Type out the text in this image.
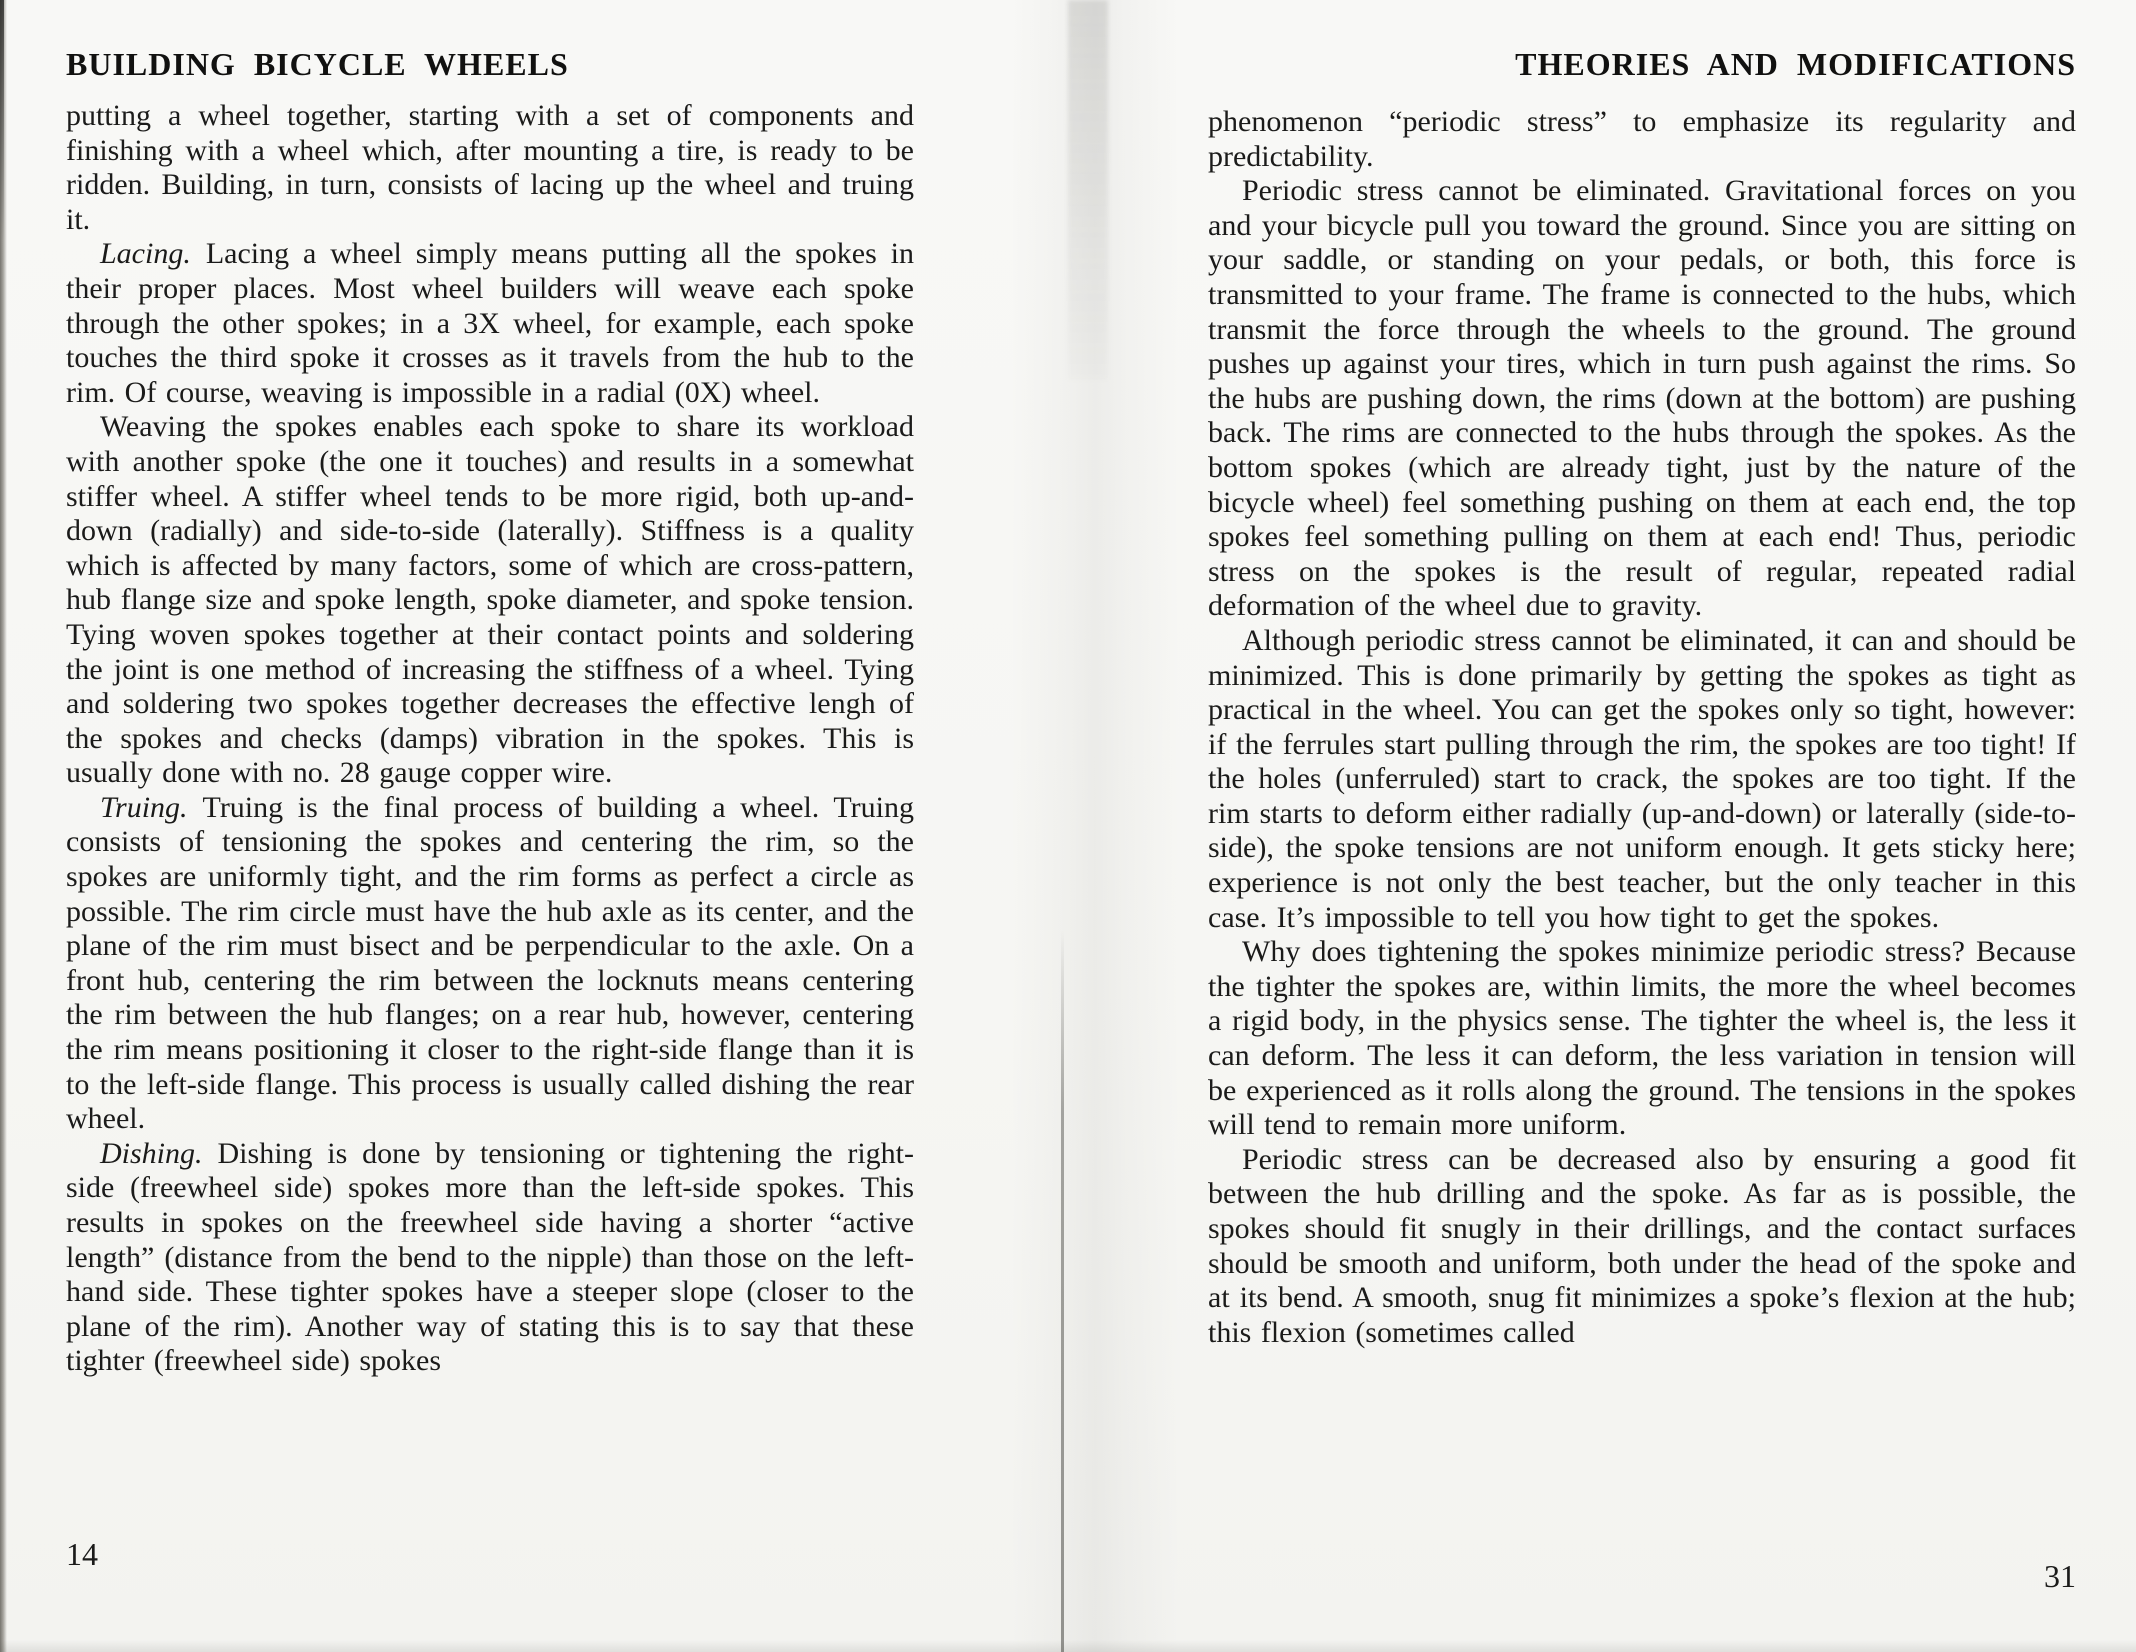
BUILDING BICYCLE WHEELS

putting a wheel together, starting with a set of components and finishing with a wheel which, after mounting a tire, is ready to be ridden. Building, in turn, consists of lacing up the wheel and truing it.

Lacing. Lacing a wheel simply means putting all the spokes in their proper places. Most wheel builders will weave each spoke through the other spokes; in a 3X wheel, for example, each spoke touches the third spoke it crosses as it travels from the hub to the rim. Of course, weaving is impossible in a radial (0X) wheel.

Weaving the spokes enables each spoke to share its workload with another spoke (the one it touches) and results in a somewhat stiffer wheel. A stiffer wheel tends to be more rigid, both up-and-down (radially) and side-to-side (laterally). Stiffness is a quality which is affected by many factors, some of which are cross-pattern, hub flange size and spoke length, spoke diameter, and spoke tension. Tying woven spokes together at their contact points and soldering the joint is one method of increasing the stiffness of a wheel. Tying and soldering two spokes together decreases the effective lengh of the spokes and checks (damps) vibration in the spokes. This is usually done with no. 28 gauge copper wire.

Truing. Truing is the final process of building a wheel. Truing consists of tensioning the spokes and centering the rim, so the spokes are uniformly tight, and the rim forms as perfect a circle as possible. The rim circle must have the hub axle as its center, and the plane of the rim must bisect and be perpendicular to the axle. On a front hub, centering the rim between the locknuts means centering the rim between the hub flanges; on a rear hub, however, centering the rim means positioning it closer to the right-side flange than it is to the left-side flange. This process is usually called dishing the rear wheel.

Dishing. Dishing is done by tensioning or tightening the right-side (freewheel side) spokes more than the left-side spokes. This results in spokes on the freewheel side having a shorter “active length” (distance from the bend to the nipple) than those on the left-hand side. These tighter spokes have a steeper slope (closer to the plane of the rim). Another way of stating this is to say that these tighter (freewheel side) spokes

THEORIES AND MODIFICATIONS

phenomenon “periodic stress” to emphasize its regularity and predictability.

Periodic stress cannot be eliminated. Gravitational forces on you and your bicycle pull you toward the ground. Since you are sitting on your saddle, or standing on your pedals, or both, this force is transmitted to your frame. The frame is connected to the hubs, which transmit the force through the wheels to the ground. The ground pushes up against your tires, which in turn push against the rims. So the hubs are pushing down, the rims (down at the bottom) are pushing back. The rims are connected to the hubs through the spokes. As the bottom spokes (which are already tight, just by the nature of the bicycle wheel) feel something pushing on them at each end, the top spokes feel something pulling on them at each end! Thus, periodic stress on the spokes is the result of regular, repeated radial deformation of the wheel due to gravity.

Although periodic stress cannot be eliminated, it can and should be minimized. This is done primarily by getting the spokes as tight as practical in the wheel. You can get the spokes only so tight, however: if the ferrules start pulling through the rim, the spokes are too tight! If the holes (unferruled) start to crack, the spokes are too tight. If the rim starts to deform either radially (up-and-down) or laterally (side-to-side), the spoke tensions are not uniform enough. It gets sticky here; experience is not only the best teacher, but the only teacher in this case. It’s impossible to tell you how tight to get the spokes.

Why does tightening the spokes minimize periodic stress? Because the tighter the spokes are, within limits, the more the wheel becomes a rigid body, in the physics sense. The tighter the wheel is, the less it can deform. The less it can deform, the less variation in tension will be experienced as it rolls along the ground. The tensions in the spokes will tend to remain more uniform.

Periodic stress can be decreased also by ensuring a good fit between the hub drilling and the spoke. As far as is possible, the spokes should fit snugly in their drillings, and the contact surfaces should be smooth and uniform, both under the head of the spoke and at its bend. A smooth, snug fit minimizes a spoke’s flexion at the hub; this flexion (sometimes called

14
31
